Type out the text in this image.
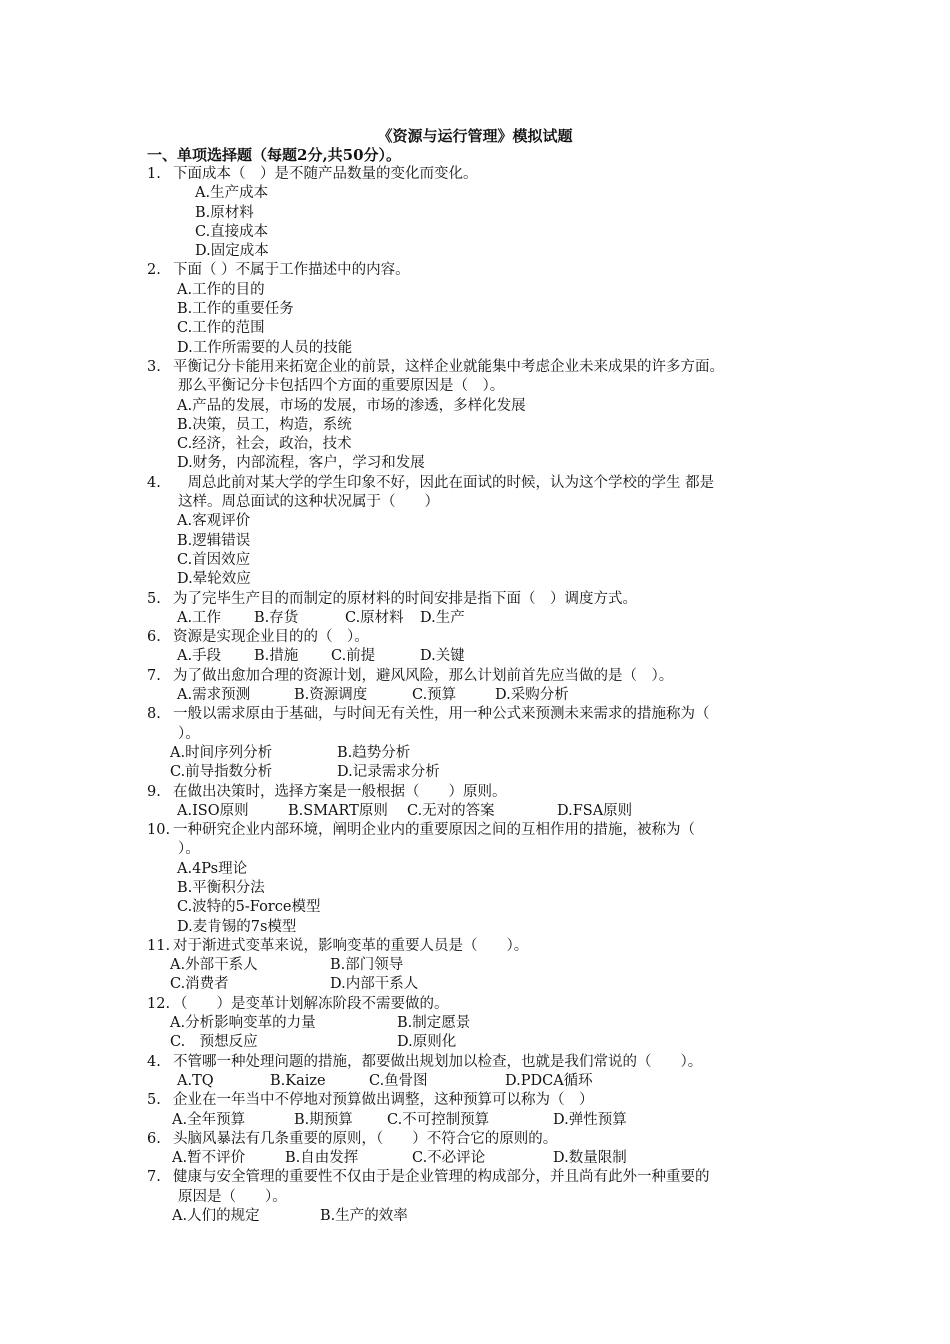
《资源与运行管理》模拟试题
一、单项选择题（每题2分,共50分）。
1. 下面成本（　）是不随产品数量的变化而变化。
A.生产成本
B.原材料
C.直接成本
D.固定成本
2. 下面（ ）不属于工作描述中的内容。
A.工作的目的
B.工作的重要任务
C.工作的范围
D.工作所需要的人员的技能
3. 平衡记分卡能用来拓宽企业的前景，这样企业就能集中考虑企业未来成果的许多方面。
那么平衡记分卡包括四个方面的重要原因是（　）。
A.产品的发展，市场的发展，市场的渗透，多样化发展
B.决策，员工，构造，系统
C.经济，社会，政治，技术
D.财务，内部流程，客户，学习和发展
4. 　周总此前对某大学的学生印象不好，因此在面试的时候，认为这个学校的学生 都是
这样。周总面试的这种状况属于（　　）
A.客观评价
B.逻辑错误
C.首因效应
D.晕轮效应
5. 为了完毕生产目的而制定的原材料的时间安排是指下面（　）调度方式。
A.工作 B.存货	C.原材料 D.生产
6. 资源是实现企业目的的（　）。
A.手段 B.措施 C.前提	D.关键
7. 为了做出愈加合理的资源计划，避风风险，那么计划前首先应当做的是（　）。
A.需求预测	B.资源调度	C.预算	D.采购分析
8. 一般以需求原由于基础，与时间无有关性，用一种公式来预测未来需求的措施称为（
）。
A.时间序列分析	B.趋势分析
C.前导指数分析	D.记录需求分析
9. 在做出决策时，选择方案是一般根据（　　）原则。
A.ISO原则	B.SMART原则 C.无对的答案	D.FSA原则
10. 一种研究企业内部环境，阐明企业内的重要原因之间的互相作用的措施，被称为（
）。
A.4Ps理论
B.平衡积分法
C.波特的5-Force模型
D.麦肯锡的7s模型
11. 对于渐进式变革来说，影响变革的重要人员是（　　）。
A.外部干系人	B.部门领导
C.消费者	D.内部干系人
12. （　　）是变革计划解冻阶段不需要做的。
A.分析影响变革的力量	B.制定愿景
C.　预想反应	D.原则化
4. 不管哪一种处理问题的措施，都要做出规划加以检查，也就是我们常说的（　　）。
A.TQ	B.Kaize	C.鱼骨图	D.PDCA循环
5. 企业在一年当中不停地对预算做出调整，这种预算可以称为（　）
A.全年预算	B.期预算 C.不可控制预算	D.弹性预算
6. 头脑风暴法有几条重要的原则，（　　）不符合它的原则的。
A.暂不评价	B.自由发挥	C.不必评论	D.数量限制
7. 健康与安全管理的重要性不仅由于是企业管理的构成部分，并且尚有此外一种重要的
原因是（　　）。
A.人们的规定	B.生产的效率
